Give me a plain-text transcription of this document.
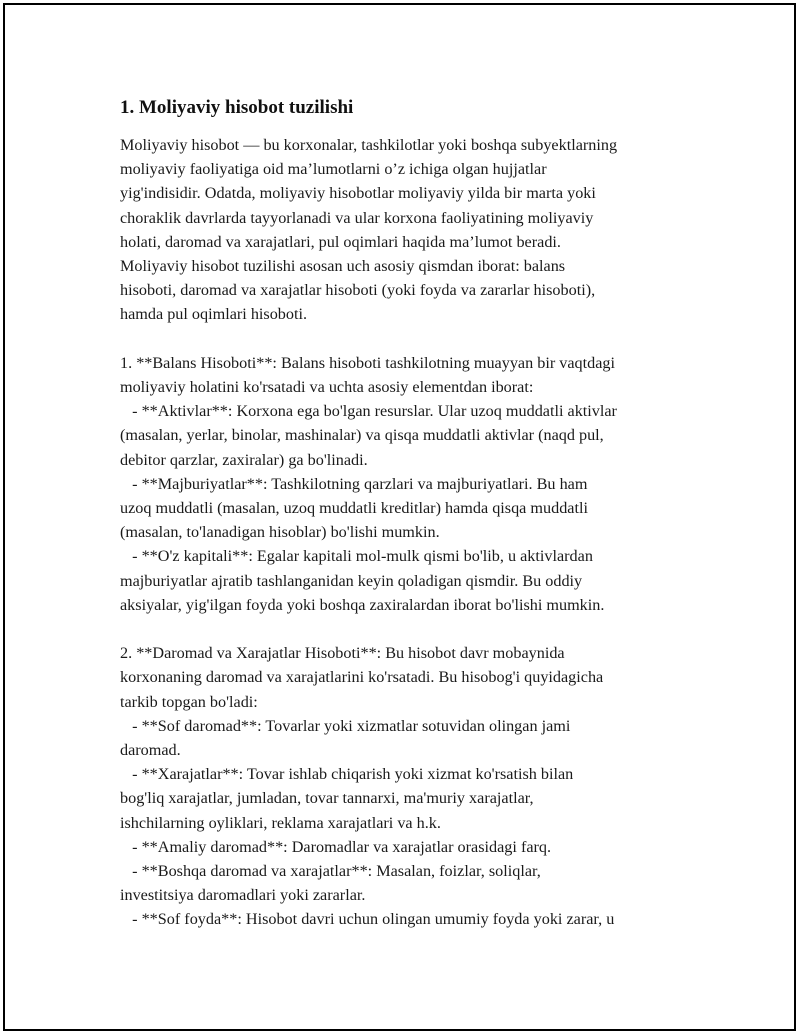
1. Moliyaviy hisobot tuzilishi
Moliyaviy hisobot — bu korxonalar, tashkilotlar yoki boshqa subyektlarning
moliyaviy faoliyatiga oid ma’lumotlarni o’z ichiga olgan hujjatlar
yig'indisidir. Odatda, moliyaviy hisobotlar moliyaviy yilda bir marta yoki
choraklik davrlarda tayyorlanadi va ular korxona faoliyatining moliyaviy
holati, daromad va xarajatlari, pul oqimlari haqida ma’lumot beradi.
Moliyaviy hisobot tuzilishi asosan uch asosiy qismdan iborat: balans
hisoboti, daromad va xarajatlar hisoboti (yoki foyda va zararlar hisoboti),
hamda pul oqimlari hisoboti.
1. **Balans Hisoboti**: Balans hisoboti tashkilotning muayyan bir vaqtdagi
moliyaviy holatini ko'rsatadi va uchta asosiy elementdan iborat:
- **Aktivlar**: Korxona ega bo'lgan resurslar. Ular uzoq muddatli aktivlar
(masalan, yerlar, binolar, mashinalar) va qisqa muddatli aktivlar (naqd pul,
debitor qarzlar, zaxiralar) ga bo'linadi.
- **Majburiyatlar**: Tashkilotning qarzlari va majburiyatlari. Bu ham
uzoq muddatli (masalan, uzoq muddatli kreditlar) hamda qisqa muddatli
(masalan, to'lanadigan hisoblar) bo'lishi mumkin.
- **O'z kapitali**: Egalar kapitali mol-mulk qismi bo'lib, u aktivlardan
majburiyatlar ajratib tashlanganidan keyin qoladigan qismdir. Bu oddiy
aksiyalar, yig'ilgan foyda yoki boshqa zaxiralardan iborat bo'lishi mumkin.
2. **Daromad va Xarajatlar Hisoboti**: Bu hisobot davr mobaynida
korxonaning daromad va xarajatlarini ko'rsatadi. Bu hisobog'i quyidagicha
tarkib topgan bo'ladi:
- **Sof daromad**: Tovarlar yoki xizmatlar sotuvidan olingan jami
daromad.
- **Xarajatlar**: Tovar ishlab chiqarish yoki xizmat ko'rsatish bilan
bog'liq xarajatlar, jumladan, tovar tannarxi, ma'muriy xarajatlar,
ishchilarning oyliklari, reklama xarajatlari va h.k.
- **Amaliy daromad**: Daromadlar va xarajatlar orasidagi farq.
- **Boshqa daromad va xarajatlar**: Masalan, foizlar, soliqlar,
investitsiya daromadlari yoki zararlar.
- **Sof foyda**: Hisobot davri uchun olingan umumiy foyda yoki zarar, u
